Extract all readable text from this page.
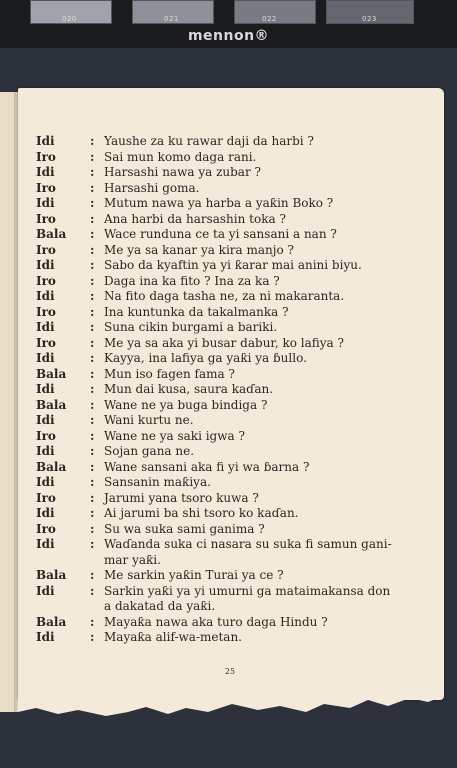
020	021	022	023
mennon®
Idi	: Yaushe za ku rawar daji da harbi ?
Iro	: Sai mun komo daga rani.
Idi	: Harsashi nawa ya zubar ?
Iro	: Harsashi goma.
Idi	: Mutum nawa ya harba a yaƙin Boko ?
Iro	: Ana harbi da harsashin toka ?
Bala	: Wace runduna ce ta yi sansani a nan ?
Iro	: Me ya sa kanar ya kira manjo ?
Idi	: Sabo da kyaftin ya yi ƙarar mai anini biyu.
Iro	: Daga ina ka fito ? Ina za ka ?
Idi	: Na fito daga tasha ne, za ni makaranta.
Iro	: Ina kuntunka da takalmanka ?
Idi	: Suna cikin burgami a bariki.
Iro	: Me ya sa aka yi busar dabur, ko lafiya ?
Idi	: Kayya, ina lafiya ga yaƙi ya ɓullo.
Bala	: Mun iso fagen fama ?
Idi	: Mun dai kusa, saura kaɗan.
Bala	: Wane ne ya buga bindiga ?
Idi	: Wani kurtu ne.
Iro	: Wane ne ya saki igwa ?
Idi	: Sojan gana ne.
Bala	: Wane sansani aka fi yi wa ɓarna ?
Idi	: Sansanin maƙiya.
Iro	: Jarumi yana tsoro kuwa ?
Idi	: Ai jarumi ba shi tsoro ko kaɗan.
Iro	: Su wa suka sami ganima ?
Idi	: Waɗanda suka ci nasara su suka fi samun gani-
mar yaƙi.
Bala	: Me sarkin yaƙin Turai ya ce ?
Idi	: Sarkin yaƙi ya yi umurni ga mataimakansa don
a dakatad da yaƙi.
Bala	: Mayaƙa nawa aka turo daga Hindu ?
Idi	: Mayaƙa alif-wa-metan.
25
